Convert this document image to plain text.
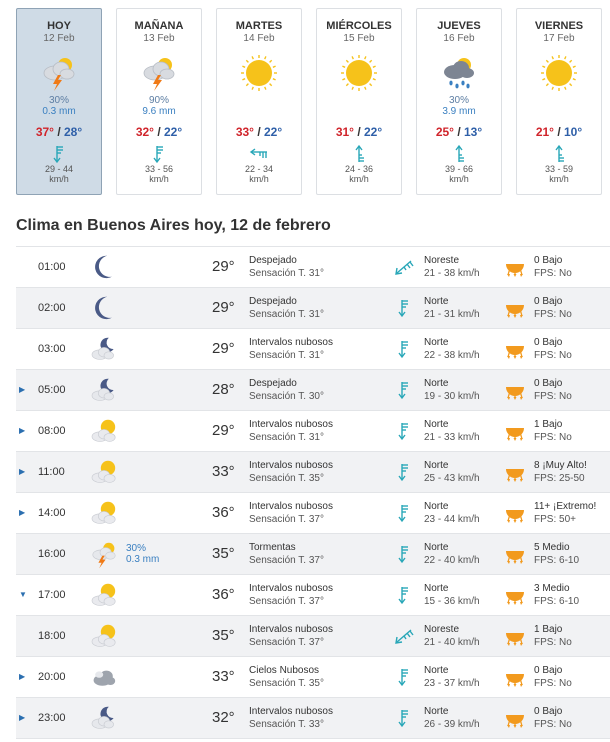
HOY
12 Feb
30%
0.3 mm
37° / 28°
29 - 44
km/h
MAÑANA
13 Feb
90%
9.6 mm
32° / 22°
33 - 56
km/h
MARTES
14 Feb
33° / 22°
22 - 34
km/h
MIÉRCOLES
15 Feb
31° / 22°
24 - 36
km/h
JUEVES
16 Feb
30%
3.9 mm
25° / 13°
39 - 66
km/h
VIERNES
17 Feb
21° / 10°
33 - 59
km/h
Clima en Buenos Aires hoy, 12 de febrero
01:00	29° Despejado
Sensación T. 31°
Noreste
21 - 38 km/h
0 Bajo
FPS: No
02:00	29° Despejado
Sensación T. 31°
Norte
21 - 31 km/h
0 Bajo
FPS: No
03:00	29° Intervalos nubosos
Sensación T. 31°
Norte
22 - 38 km/h
0 Bajo
FPS: No
▶	05:00	28° Despejado
Sensación T. 30°
Norte
19 - 30 km/h
0 Bajo
FPS: No
▶	08:00	29° Intervalos nubosos
Sensación T. 31°
Norte
21 - 33 km/h
1 Bajo
FPS: No
▶	11:00	33° Intervalos nubosos
Sensación T. 35°
Norte
25 - 43 km/h
8 ¡Muy Alto!
FPS: 25-50
▶	14:00	36° Intervalos nubosos
Sensación T. 37°
Norte
23 - 44 km/h
11+ ¡Extremo!
FPS: 50+
16:00	30%
0.3 mm	35° Tormentas
Sensación T. 37°
Norte
22 - 40 km/h
5 Medio
FPS: 6-10
▼ 17:00	36° Intervalos nubosos
Sensación T. 37°
Norte
15 - 36 km/h
3 Medio
FPS: 6-10
18:00	35° Intervalos nubosos
Sensación T. 37°
Noreste
21 - 40 km/h
1 Bajo
FPS: No
▶	20:00	33° Cielos Nubosos
Sensación T. 35°
Norte
23 - 37 km/h
0 Bajo
FPS: No
▶	23:00	32° Intervalos nubosos
Sensación T. 33°
Norte
26 - 39 km/h
0 Bajo
FPS: No
